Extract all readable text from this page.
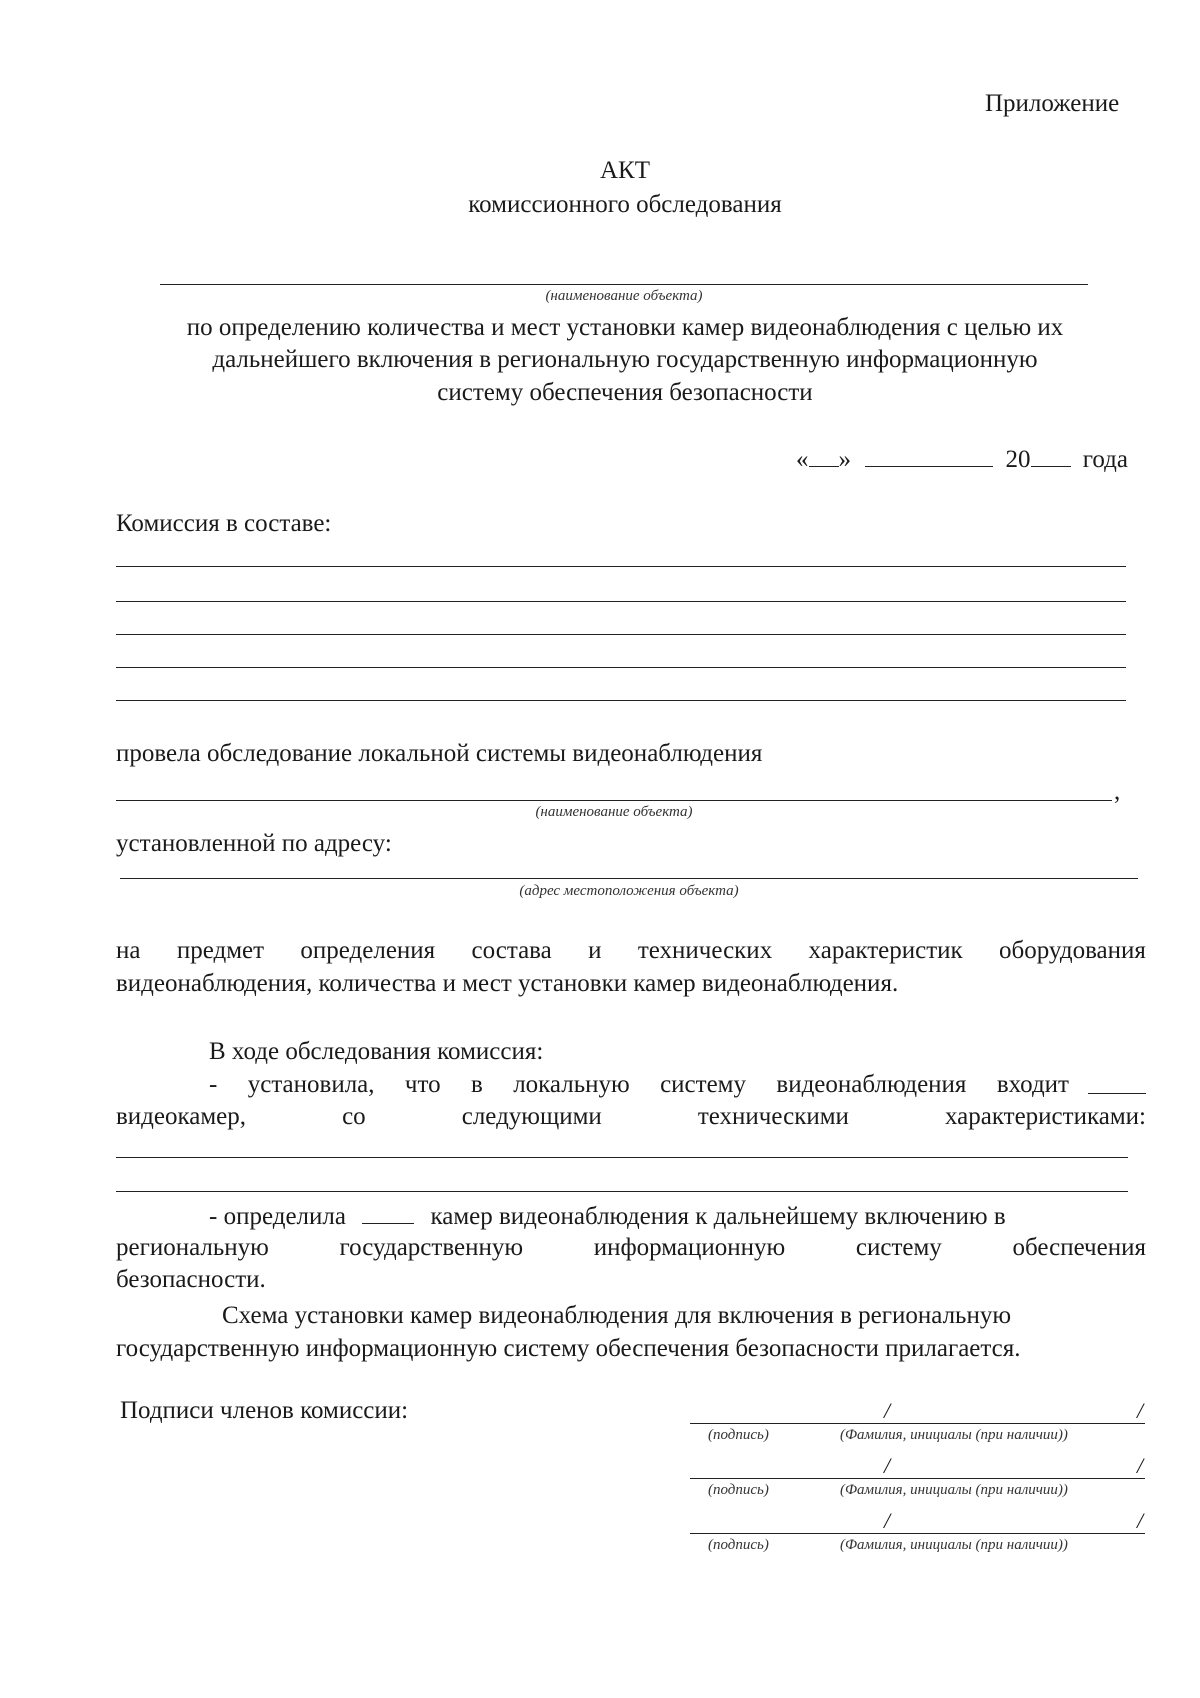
Приложение
АКТ
комиссионного обследования
(наименование объекта)
по определению количества и мест установки камер видеонаблюдения с целью их
дальнейшего включения в региональную государственную информационную
систему обеспечения безопасности
« »	20 года
Комиссия в составе:
провела обследование локальной системы видеонаблюдения
,
(наименование объекта)
установленной по адресу:
(адрес местоположения объекта)
на предмет определения состава и технических характеристик оборудования
видеонаблюдения, количества и мест установки камер видеонаблюдения.
В ходе обследования комиссия:
- установила, что в локальную систему видеонаблюдения входит
видеокамер,	со	следующими	техническими	характеристиками:
- определила	камер видеонаблюдения к дальнейшему включению в
региональную	государственную	информационную	систему	обеспечения
безопасности.
Схема установки камер видеонаблюдения для включения в региональную
государственную информационную систему обеспечения безопасности прилагается.
Подписи членов комиссии:	/	/
(подпись)	(Фамилия, инициалы (при наличии))
/	/
(подпись)	(Фамилия, инициалы (при наличии))
/	/
(подпись)	(Фамилия, инициалы (при наличии))
